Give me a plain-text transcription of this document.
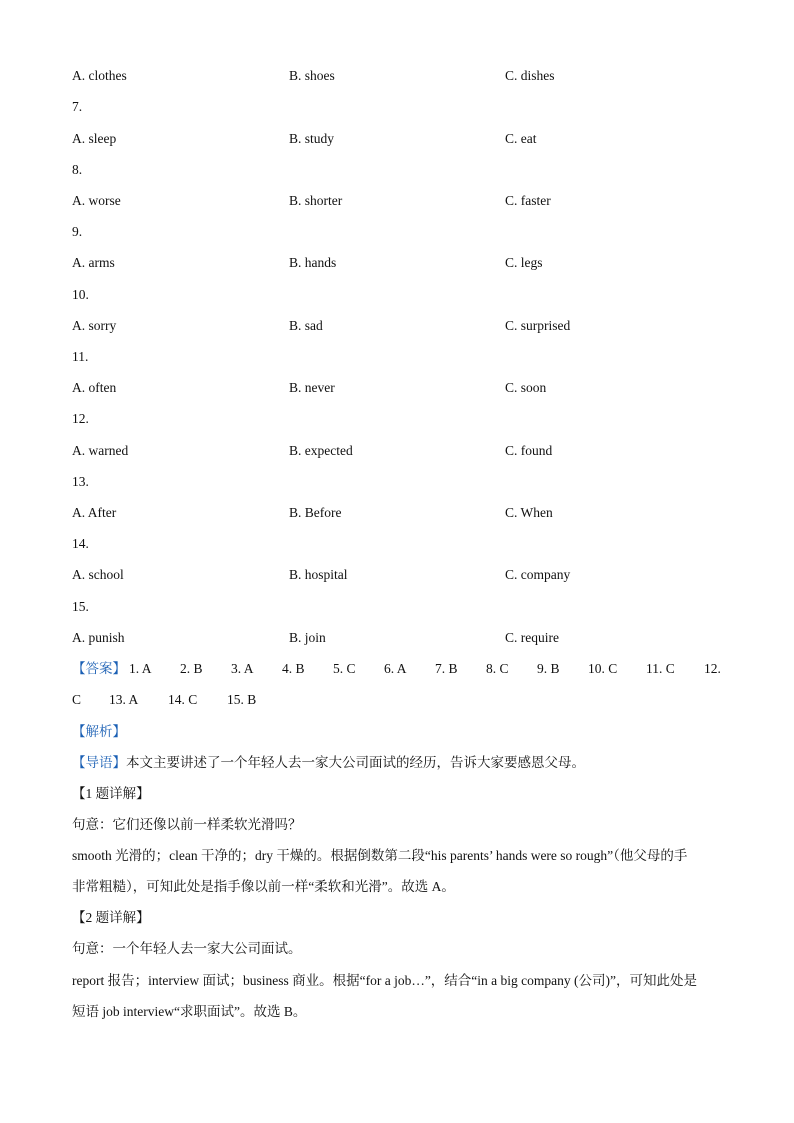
A. clothes	B. shoes	C. dishes
7.
A. sleep	B. study	C. eat
8.
A. worse	B. shorter	C. faster
9.
A. arms	B. hands	C. legs
10.
A. sorry	B. sad	C. surprised
11.
A. often	B. never	C. soon
12.
A. warned	B. expected	C. found
13.
A. After	B. Before	C. When
14.
A. school	B. hospital	C. company
15.
A. punish	B. join	C. require
【答案】 1. A 2. B 3. A 4. B 5. C 6. A 7. B 8. C 9. B 10. C 11. C 12.
C 13. A 14. C 15. B
【解析】
【导语】本文主要讲述了一个年轻人去一家大公司面试的经历，告诉大家要感恩父母。
【1 题详解】
句意：它们还像以前一样柔软光滑吗？
smooth 光滑的；clean 干净的；dry 干燥的。根据倒数第二段“his parents’ hands were so rough”（他父母的手
非常粗糙），可知此处是指手像以前一样“柔软和光滑”。故选 A。
【2 题详解】
句意：一个年轻人去一家大公司面试。
report 报告；interview 面试；business 商业。根据“for a job…”，结合“in a big company (公司)”，可知此处是
短语 job interview“求职面试”。故选 B。
